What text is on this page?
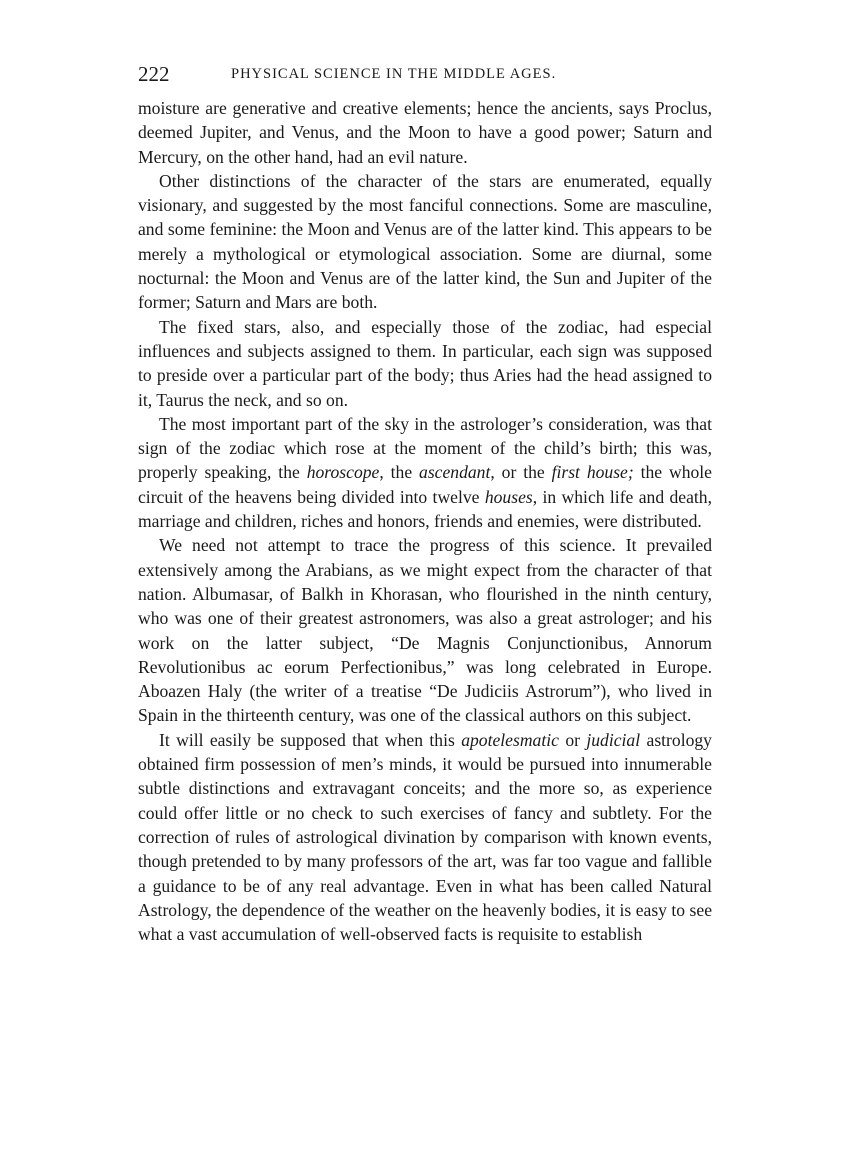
222	PHYSICAL SCIENCE IN THE MIDDLE AGES.

moisture are generative and creative elements; hence the ancients, says Proclus, deemed Jupiter, and Venus, and the Moon to have a good power; Saturn and Mercury, on the other hand, had an evil nature.

Other distinctions of the character of the stars are enumerated, equally visionary, and suggested by the most fanciful connections. Some are masculine, and some feminine: the Moon and Venus are of the latter kind. This appears to be merely a mythological or etymological association. Some are diurnal, some nocturnal: the Moon and Venus are of the latter kind, the Sun and Jupiter of the former; Saturn and Mars are both.

The fixed stars, also, and especially those of the zodiac, had especial influences and subjects assigned to them. In particular, each sign was supposed to preside over a particular part of the body; thus Aries had the head assigned to it, Taurus the neck, and so on.

The most important part of the sky in the astrologer’s consideration, was that sign of the zodiac which rose at the moment of the child’s birth; this was, properly speaking, the horoscope, the ascendant, or the first house; the whole circuit of the heavens being divided into twelve houses, in which life and death, marriage and children, riches and honors, friends and enemies, were distributed.

We need not attempt to trace the progress of this science. It prevailed extensively among the Arabians, as we might expect from the character of that nation. Albumasar, of Balkh in Khorasan, who flourished in the ninth century, who was one of their greatest astronomers, was also a great astrologer; and his work on the latter subject, “De Magnis Conjunctionibus, Annorum Revolutionibus ac eorum Perfectionibus,” was long celebrated in Europe. Aboazen Haly (the writer of a treatise “De Judiciis Astrorum”), who lived in Spain in the thirteenth century, was one of the classical authors on this subject.

It will easily be supposed that when this apotelesmatic or judicial astrology obtained firm possession of men’s minds, it would be pursued into innumerable subtle distinctions and extravagant conceits; and the more so, as experience could offer little or no check to such exercises of fancy and subtlety. For the correction of rules of astrological divination by comparison with known events, though pretended to by many professors of the art, was far too vague and fallible a guidance to be of any real advantage. Even in what has been called Natural Astrology, the dependence of the weather on the heavenly bodies, it is easy to see what a vast accumulation of well-observed facts is requisite to establish
